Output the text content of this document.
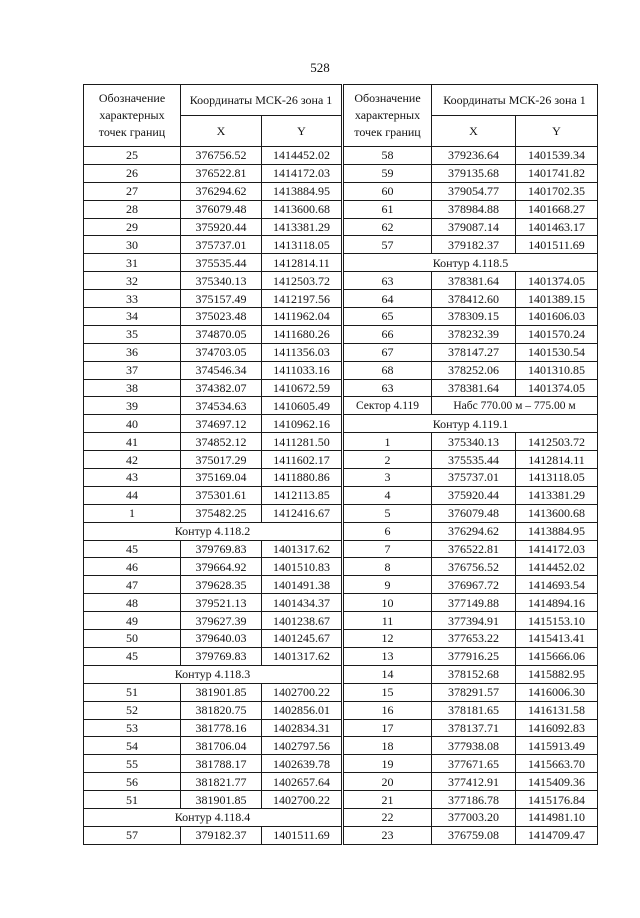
528
Обозначение характерных точек границ	Координаты МСК-26 зона 1	
	X	Y
25	376756.52	1414452.02
26	376522.81	1414172.03
27	376294.62	1413884.95
28	376079.48	1413600.68
29	375920.44	1413381.29
30	375737.01	1413118.05
31	375535.44	1412814.11
32	375340.13	1412503.72
33	375157.49	1412197.56
34	375023.48	1411962.04
35	374870.05	1411680.26
36	374703.05	1411356.03
37	374546.34	1411033.16
38	374382.07	1410672.59
39	374534.63	1410605.49
40	374697.12	1410962.16
41	374852.12	1411281.50
42	375017.29	1411602.17
43	375169.04	1411880.86
44	375301.61	1412113.85
1	375482.25	1412416.67
Контур 4.118.2		
45	379769.83	1401317.62
46	379664.92	1401510.83
47	379628.35	1401491.38
48	379521.13	1401434.37
49	379627.39	1401238.67
50	379640.03	1401245.67
45	379769.83	1401317.62
Контур 4.118.3		
51	381901.85	1402700.22
52	381820.75	1402856.01
53	381778.16	1402834.31
54	381706.04	1402797.56
55	381788.17	1402639.78
56	381821.77	1402657.64
51	381901.85	1402700.22
Контур 4.118.4		
57	379182.37	1401511.69
Обозначение характерных точек границ	Координаты МСК-26 зона 1	
	X	Y
58	379236.64	1401539.34
59	379135.68	1401741.82
60	379054.77	1401702.35
61	378984.88	1401668.27
62	379087.14	1401463.17
57	379182.37	1401511.69
Контур 4.118.5		
63	378381.64	1401374.05
64	378412.60	1401389.15
65	378309.15	1401606.03
66	378232.39	1401570.24
67	378147.27	1401530.54
68	378252.06	1401310.85
63	378381.64	1401374.05
Сектор 4.119	Набс 770.00 м – 775.00 м	
Контур 4.119.1		
1	375340.13	1412503.72
2	375535.44	1412814.11
3	375737.01	1413118.05
4	375920.44	1413381.29
5	376079.48	1413600.68
6	376294.62	1413884.95
7	376522.81	1414172.03
8	376756.52	1414452.02
9	376967.72	1414693.54
10	377149.88	1414894.16
11	377394.91	1415153.10
12	377653.22	1415413.41
13	377916.25	1415666.06
14	378152.68	1415882.95
15	378291.57	1416006.30
16	378181.65	1416131.58
17	378137.71	1416092.83
18	377938.08	1415913.49
19	377671.65	1415663.70
20	377412.91	1415409.36
21	377186.78	1415176.84
22	377003.20	1414981.10
23	376759.08	1414709.47
